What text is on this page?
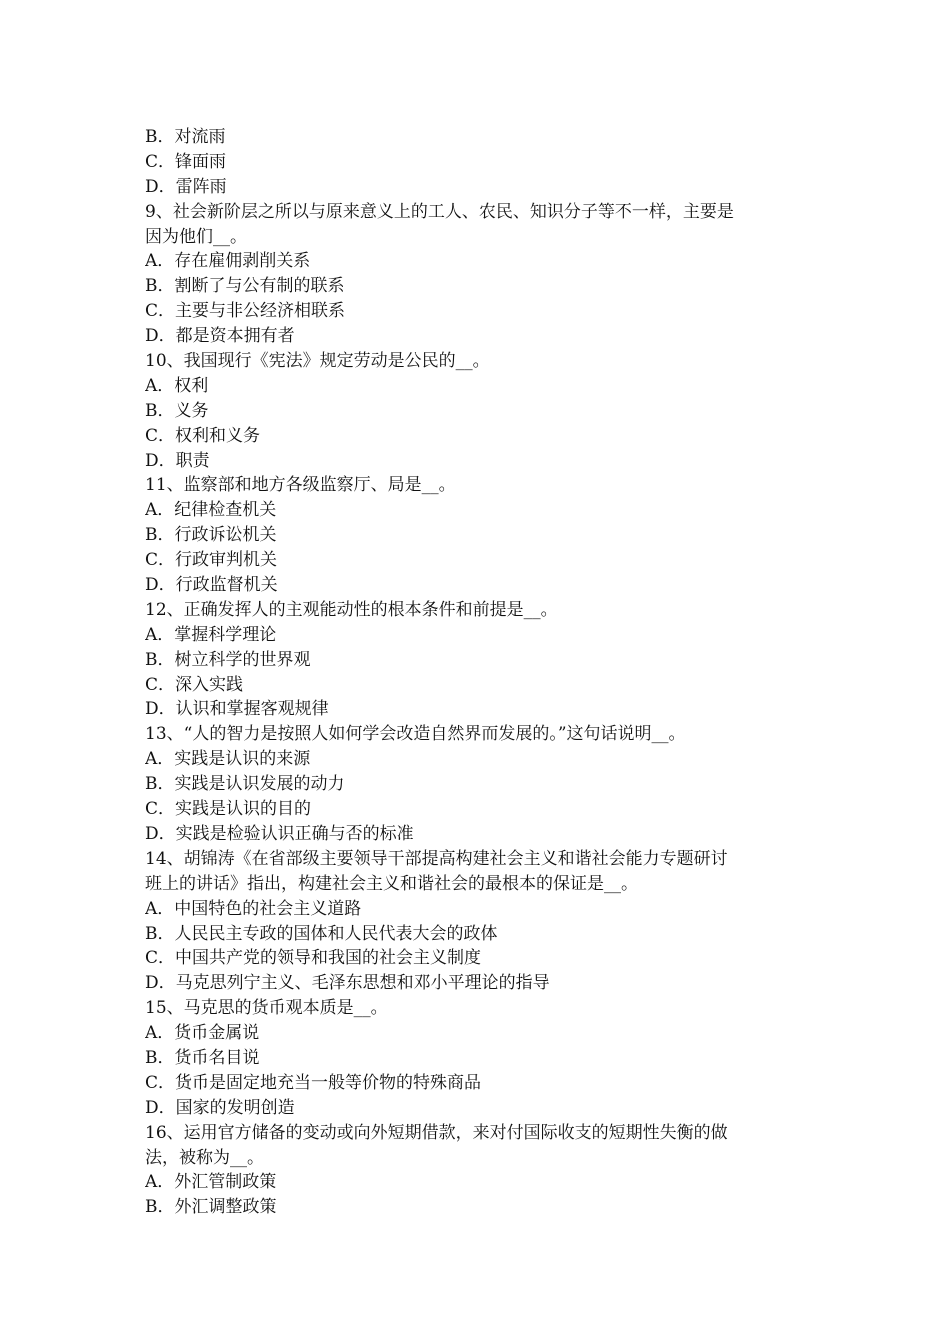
B．对流雨

C．锋面雨

D．雷阵雨

9、社会新阶层之所以与原来意义上的工人、农民、知识分子等不一样，主要是

因为他们__。

A．存在雇佣剥削关系

B．割断了与公有制的联系

C．主要与非公经济相联系

D．都是资本拥有者

10、我国现行《宪法》规定劳动是公民的__。

A．权利

B．义务

C．权利和义务

D．职责

11、监察部和地方各级监察厅、局是__。

A．纪律检查机关

B．行政诉讼机关

C．行政审判机关

D．行政监督机关

12、正确发挥人的主观能动性的根本条件和前提是__。

A．掌握科学理论

B．树立科学的世界观

C．深入实践

D．认识和掌握客观规律

13、“人的智力是按照人如何学会改造自然界而发展的。”这句话说明__。

A．实践是认识的来源

B．实践是认识发展的动力

C．实践是认识的目的

D．实践是检验认识正确与否的标准

14、胡锦涛《在省部级主要领导干部提高构建社会主义和谐社会能力专题研讨

班上的讲话》指出，构建社会主义和谐社会的最根本的保证是__。

A．中国特色的社会主义道路

B．人民民主专政的国体和人民代表大会的政体

C．中国共产党的领导和我国的社会主义制度

D．马克思列宁主义、毛泽东思想和邓小平理论的指导

15、马克思的货币观本质是__。

A．货币金属说

B．货币名目说

C．货币是固定地充当一般等价物的特殊商品

D．国家的发明创造

16、运用官方储备的变动或向外短期借款，来对付国际收支的短期性失衡的做

法，被称为__。

A．外汇管制政策

B．外汇调整政策
